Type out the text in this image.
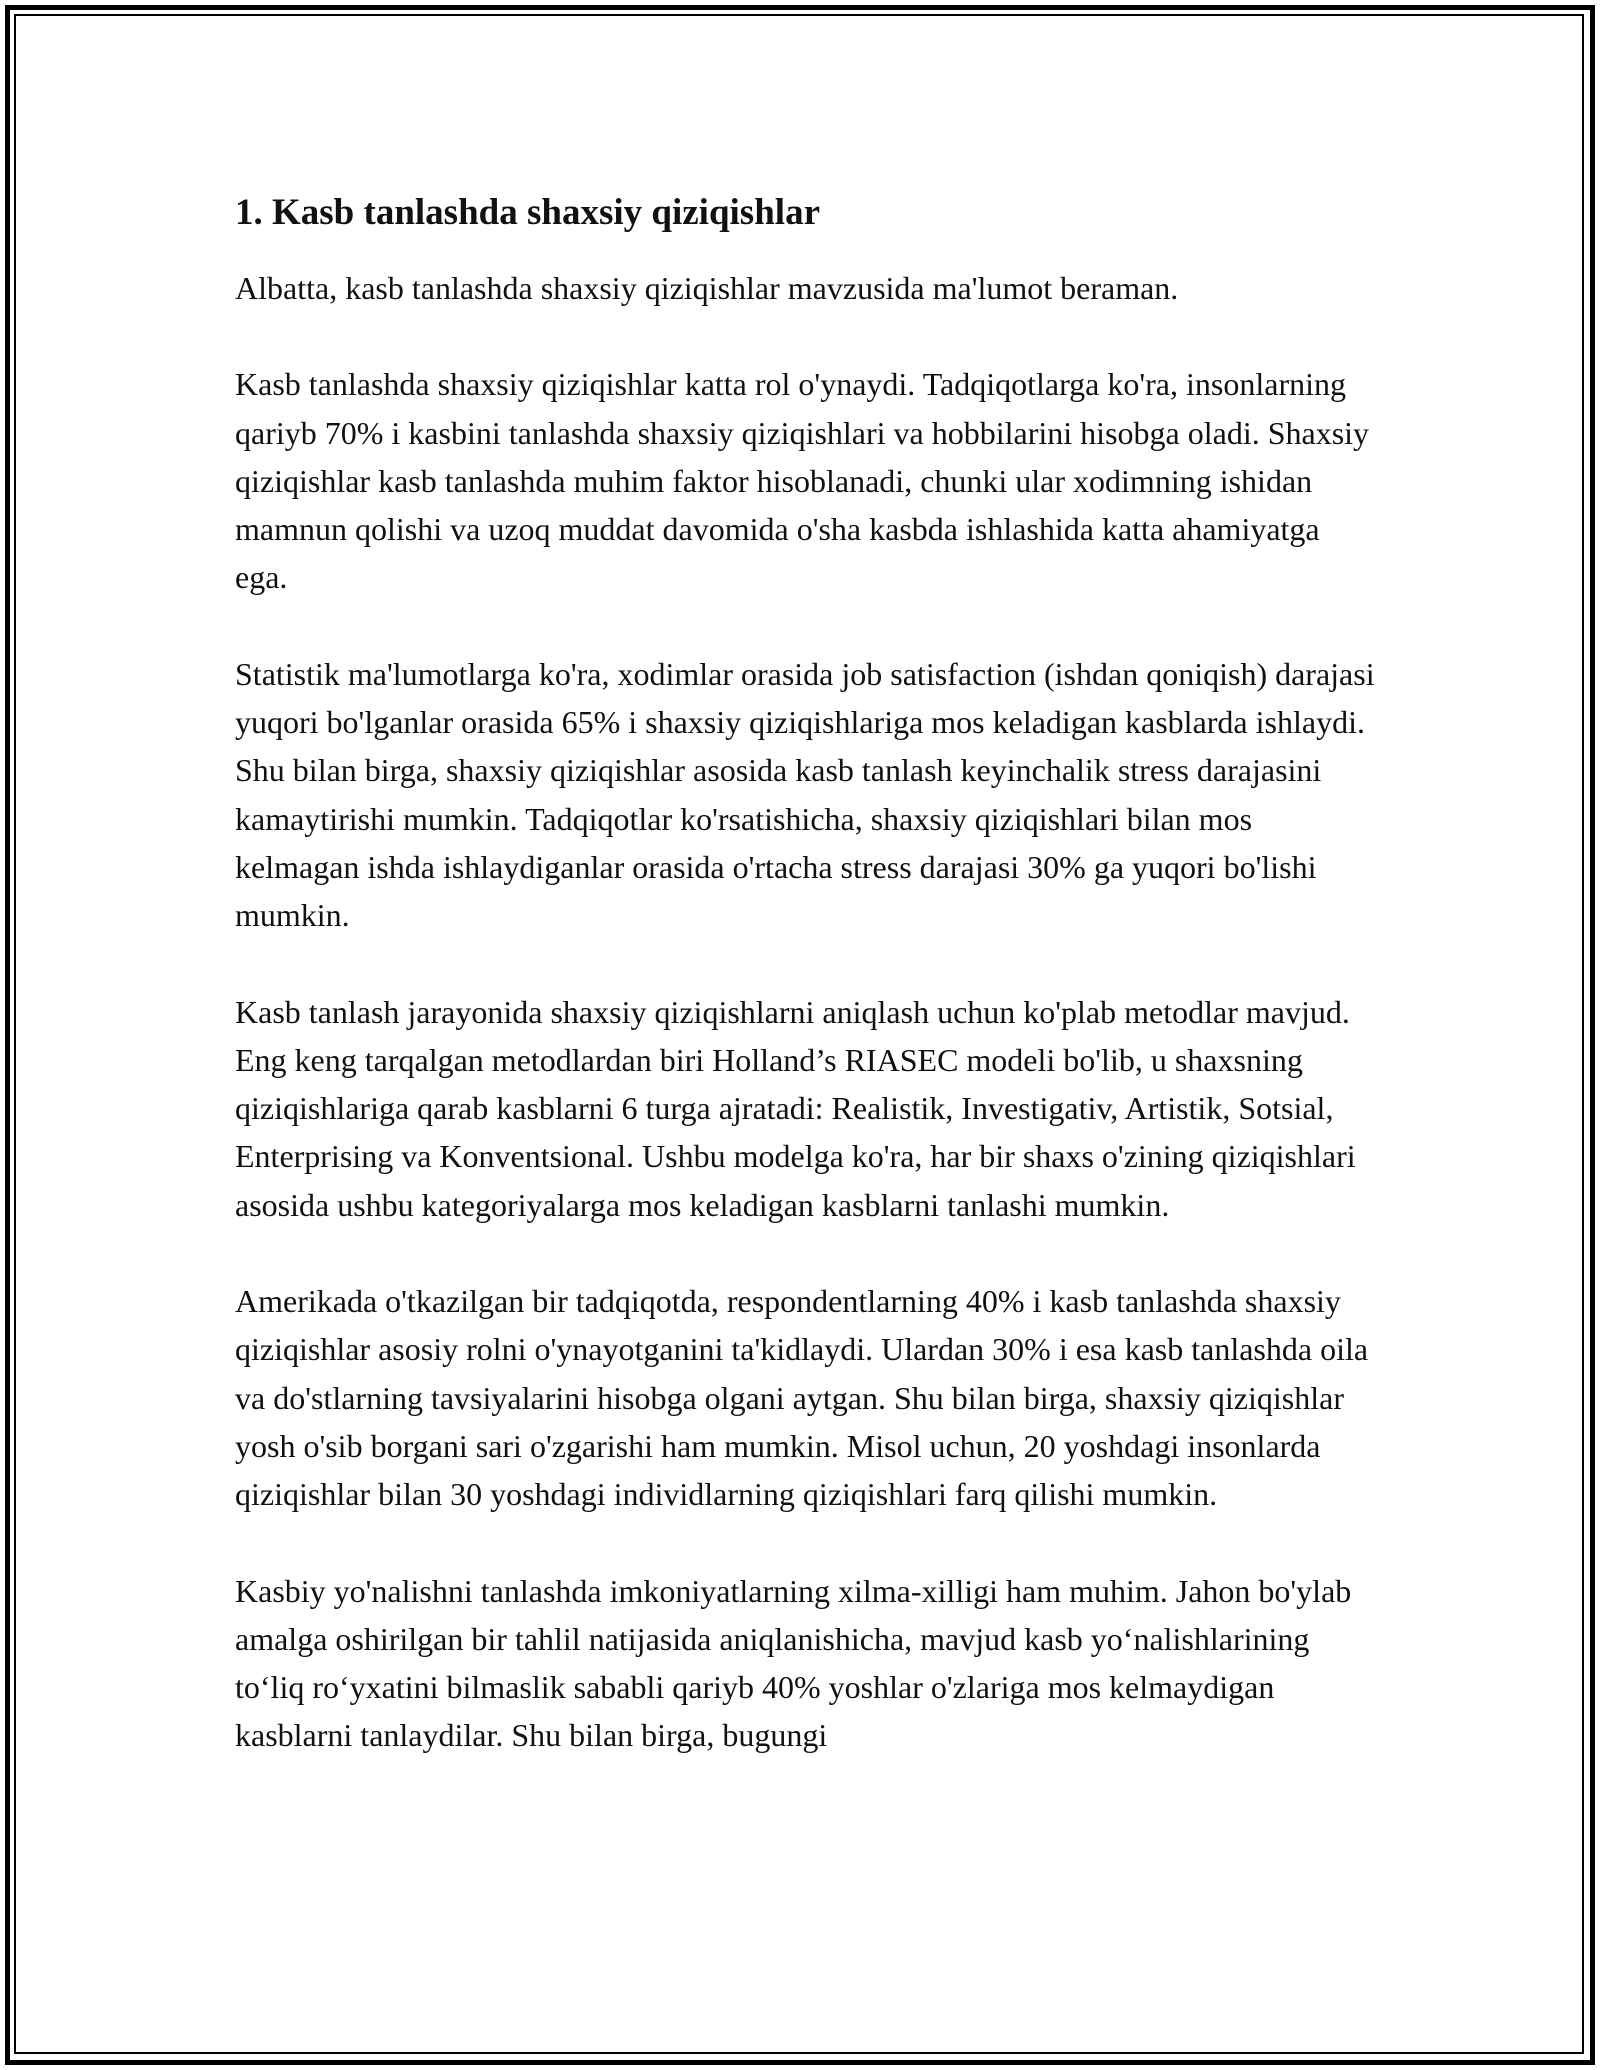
1. Kasb tanlashda shaxsiy qiziqishlar

Albatta, kasb tanlashda shaxsiy qiziqishlar mavzusida ma'lumot beraman.

Kasb tanlashda shaxsiy qiziqishlar katta rol o'ynaydi. Tadqiqotlarga ko'ra, insonlarning qariyb 70% i kasbini tanlashda shaxsiy qiziqishlari va hobbilarini hisobga oladi. Shaxsiy qiziqishlar kasb tanlashda muhim faktor hisoblanadi, chunki ular xodimning ishidan mamnun qolishi va uzoq muddat davomida o'sha kasbda ishlashida katta ahamiyatga ega.

Statistik ma'lumotlarga ko'ra, xodimlar orasida job satisfaction (ishdan qoniqish) darajasi yuqori bo'lganlar orasida 65% i shaxsiy qiziqishlariga mos keladigan kasblarda ishlaydi. Shu bilan birga, shaxsiy qiziqishlar asosida kasb tanlash keyinchalik stress darajasini kamaytirishi mumkin. Tadqiqotlar ko'rsatishicha, shaxsiy qiziqishlari bilan mos kelmagan ishda ishlaydiganlar orasida o'rtacha stress darajasi 30% ga yuqori bo'lishi mumkin.

Kasb tanlash jarayonida shaxsiy qiziqishlarni aniqlash uchun ko'plab metodlar mavjud. Eng keng tarqalgan metodlardan biri Holland’s RIASEC modeli bo'lib, u shaxsning qiziqishlariga qarab kasblarni 6 turga ajratadi: Realistik, Investigativ, Artistik, Sotsial, Enterprising va Konventsional. Ushbu modelga ko'ra, har bir shaxs o'zining qiziqishlari asosida ushbu kategoriyalarga mos keladigan kasblarni tanlashi mumkin.

Amerikada o'tkazilgan bir tadqiqotda, respondentlarning 40% i kasb tanlashda shaxsiy qiziqishlar asosiy rolni o'ynayotganini ta'kidlaydi. Ulardan 30% i esa kasb tanlashda oila va do'stlarning tavsiyalarini hisobga olgani aytgan. Shu bilan birga, shaxsiy qiziqishlar yosh o'sib borgani sari o'zgarishi ham mumkin. Misol uchun, 20 yoshdagi insonlarda qiziqishlar bilan 30 yoshdagi individlarning qiziqishlari farq qilishi mumkin.

Kasbiy yo'nalishni tanlashda imkoniyatlarning xilma-xilligi ham muhim. Jahon bo'ylab amalga oshirilgan bir tahlil natijasida aniqlanishicha, mavjud kasb yo‘nalishlarining to‘liq ro‘yxatini bilmaslik sababli qariyb 40% yoshlar o'zlariga mos kelmaydigan kasblarni tanlaydilar. Shu bilan birga, bugungi
